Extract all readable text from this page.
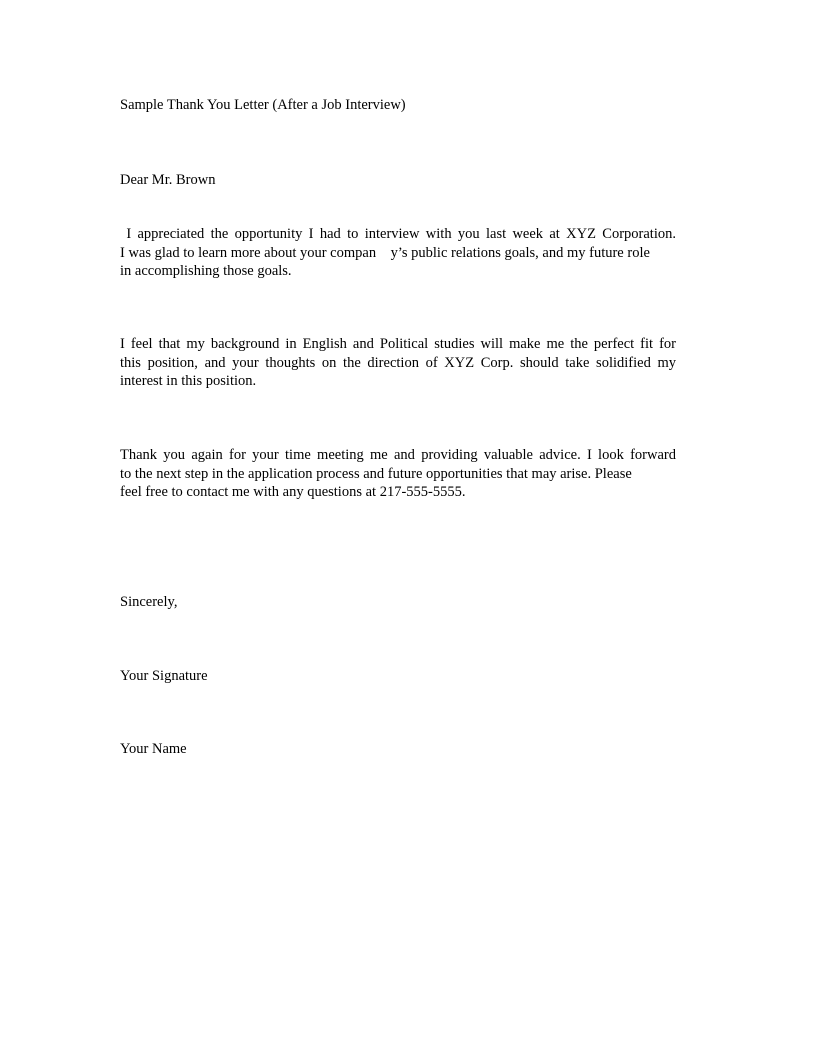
Sample Thank You Letter (After a Job Interview)

Dear Mr. Brown

I appreciated the opportunity I had to interview with you last week at XYZ Corporation.
I was glad to learn more about your compan    y’s public relations goals, and my future role
in accomplishing those goals.
I feel that my background in English and Political studies will make me the perfect fit for
this position, and your thoughts on the direction of XYZ Corp. should take solidified my
interest in this position.
Thank you again for your time meeting me and providing valuable advice. I look forward
to the next step in the application process and future opportunities that may arise. Please
feel free to contact me with any questions at 217-555-5555.

Sincerely,

Your Signature

Your Name
